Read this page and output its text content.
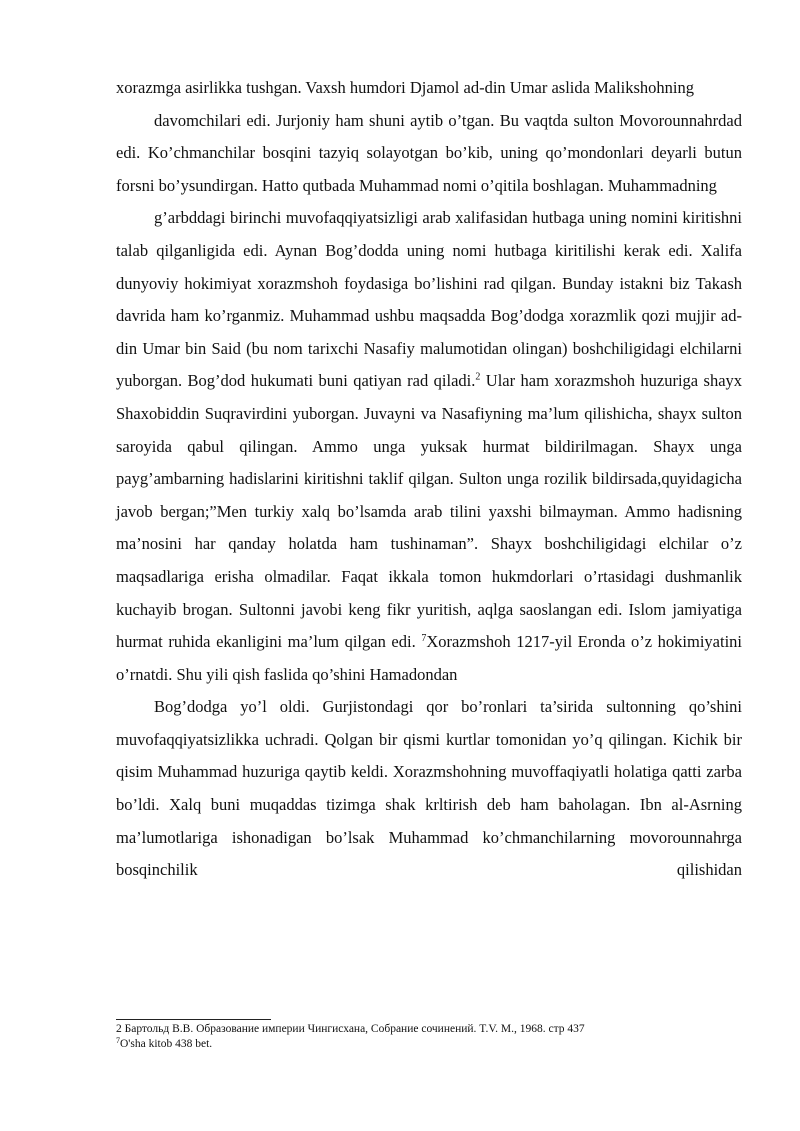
xorazmga asirlikka tushgan. Vaxsh humdori Djamol ad-din Umar aslida Malikshohning

davomchilari edi. Jurjoniy ham shuni aytib o’tgan. Bu vaqtda sulton Movorounnahrdad edi. Ko’chmanchilar bosqini tazyiq solayotgan bo’kib, uning qo’mondonlari deyarli butun forsni bo’ysundirgan. Hatto qutbada Muhammad nomi o’qitila boshlagan. Muhammadning

g’arbddagi birinchi muvofaqqiyatsizligi arab xalifasidan hutbaga uning nomini kiritishni talab qilganligida edi. Aynan Bog’dodda uning nomi hutbaga kiritilishi kerak edi. Xalifa dunyoviy hokimiyat xorazmshoh foydasiga bo’lishini rad qilgan. Bunday istakni biz Takash davrida ham ko’rganmiz. Muhammad ushbu maqsadda Bog’dodga xorazmlik qozi mujjir ad-din Umar bin Said (bu nom tarixchi Nasafiy malumotidan olingan) boshchiligidagi elchilarni yuborgan. Bog’dod hukumati buni qatiyan rad qiladi.$^2$ Ular ham xorazmshoh huzuriga shayx Shaxobiddin Suqravirdini yuborgan. Juvayni va Nasafiyning ma’lum qilishicha, shayx sulton saroyida qabul qilingan. Ammo unga yuksak hurmat bildirilmagan. Shayx unga payg’ambarning hadislarini kiritishni taklif qilgan. Sulton unga rozilik bildirsada,quyidagicha javob bergan;”Men turkiy xalq bo’lsamda arab tilini yaxshi bilmayman. Ammo hadisning ma’nosini har qanday holatda ham tushinaman”. Shayx boshchiligidagi elchilar o’z maqsadlariga erisha olmadilar. Faqat ikkala tomon hukmdorlari o’rtasidagi dushmanlik kuchayib brogan. Sultonni javobi keng fikr yuritish, aqlga saoslangan edi. Islom jamiyatiga hurmat ruhida ekanligini ma’lum qilgan edi. $^7$Xorazmshoh 1217-yil Eronda o’z hokimiyatini o’rnatdi. Shu yili qish faslida qo’shini Hamadondan

Bog’dodga yo’l oldi. Gurjistondagi qor bo’ronlari ta’sirida sultonning qo’shini muvofaqqiyatsizlikka uchradi. Qolgan bir qismi kurtlar tomonidan yo’q qilingan. Kichik bir qisim Muhammad huzuriga qaytib keldi. Xorazmshohning muvoffaqiyatli holatiga qatti zarba bo’ldi. Xalq buni muqaddas tizimga shak krltirish deb ham baholagan. Ibn al-Asrning ma’lumotlariga ishonadigan bo’lsak Muhammad ko’chmanchilarning movorounnahrga bosqinchilik qilishidan

2 Бартольд В.В. Образование империи Чингисхана, Собрание сочинений. T.V. M., 1968. стр 437
$^7$O'sha kitob 438 bet.
